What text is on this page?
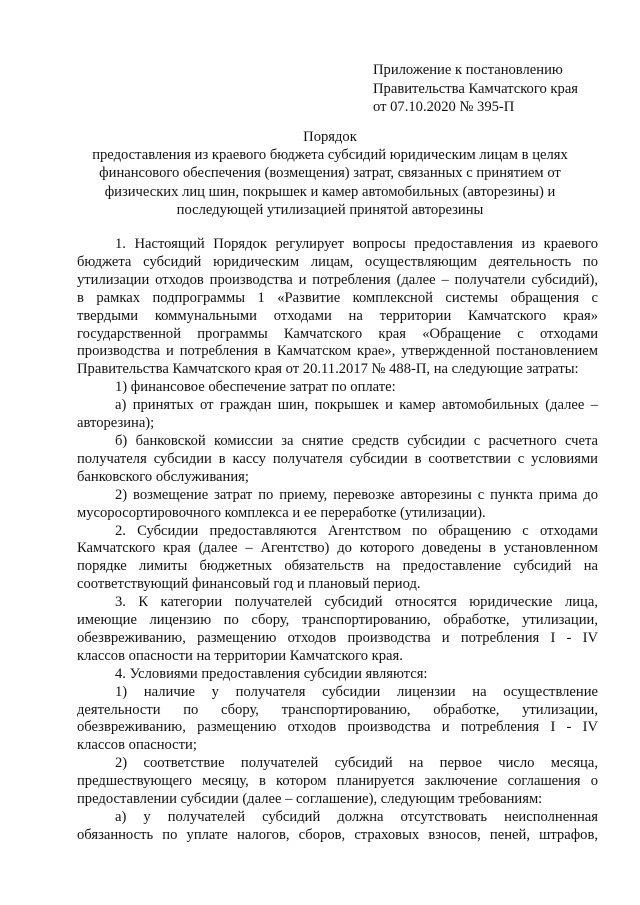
Приложение к постановлению
Правительства Камчатского края
от 07.10.2020 № 395-П
Порядок
предоставления из краевого бюджета субсидий юридическим лицам в целях
финансового обеспечения (возмещения) затрат, связанных с принятием от
физических лиц шин, покрышек и камер автомобильных (авторезины) и
последующей утилизацией принятой авторезины
1. Настоящий Порядок регулирует вопросы предоставления из краевого
бюджета субсидий юридическим лицам, осуществляющим деятельность по
утилизации отходов производства и потребления (далее – получатели субсидий),
в рамках подпрограммы 1 «Развитие комплексной системы обращения с
твердыми коммунальными отходами на территории Камчатского края»
государственной программы Камчатского края «Обращение с отходами
производства и потребления в Камчатском крае», утвержденной постановлением
Правительства Камчатского края от 20.11.2017 № 488-П, на следующие затраты:
1) финансовое обеспечение затрат по оплате:
а) принятых от граждан шин, покрышек и камер автомобильных (далее –
авторезина);
б) банковской комиссии за снятие средств субсидии с расчетного счета
получателя субсидии в кассу получателя субсидии в соответствии с условиями
банковского обслуживания;
2) возмещение затрат по приему, перевозке авторезины с пункта прима до
мусоросортировочного комплекса и ее переработке (утилизации).
2. Субсидии предоставляются Агентством по обращению с отходами
Камчатского края (далее – Агентство) до которого доведены в установленном
порядке лимиты бюджетных обязательств на предоставление субсидий на
соответствующий финансовый год и плановый период.
3. К категории получателей субсидий относятся юридические лица,
имеющие лицензию по сбору, транспортированию, обработке, утилизации,
обезвреживанию, размещению отходов производства и потребления I - IV
классов опасности на территории Камчатского края.
4. Условиями предоставления субсидии являются:
1) наличие у получателя субсидии лицензии на осуществление
деятельности по сбору, транспортированию, обработке, утилизации,
обезвреживанию, размещению отходов производства и потребления I - IV
классов опасности;
2) соответствие получателей субсидий на первое число месяца,
предшествующего месяцу, в котором планируется заключение соглашения о
предоставлении субсидии (далее – соглашение), следующим требованиям:
а) у получателей субсидий должна отсутствовать неисполненная
обязанность по уплате налогов, сборов, страховых взносов, пеней, штрафов,
